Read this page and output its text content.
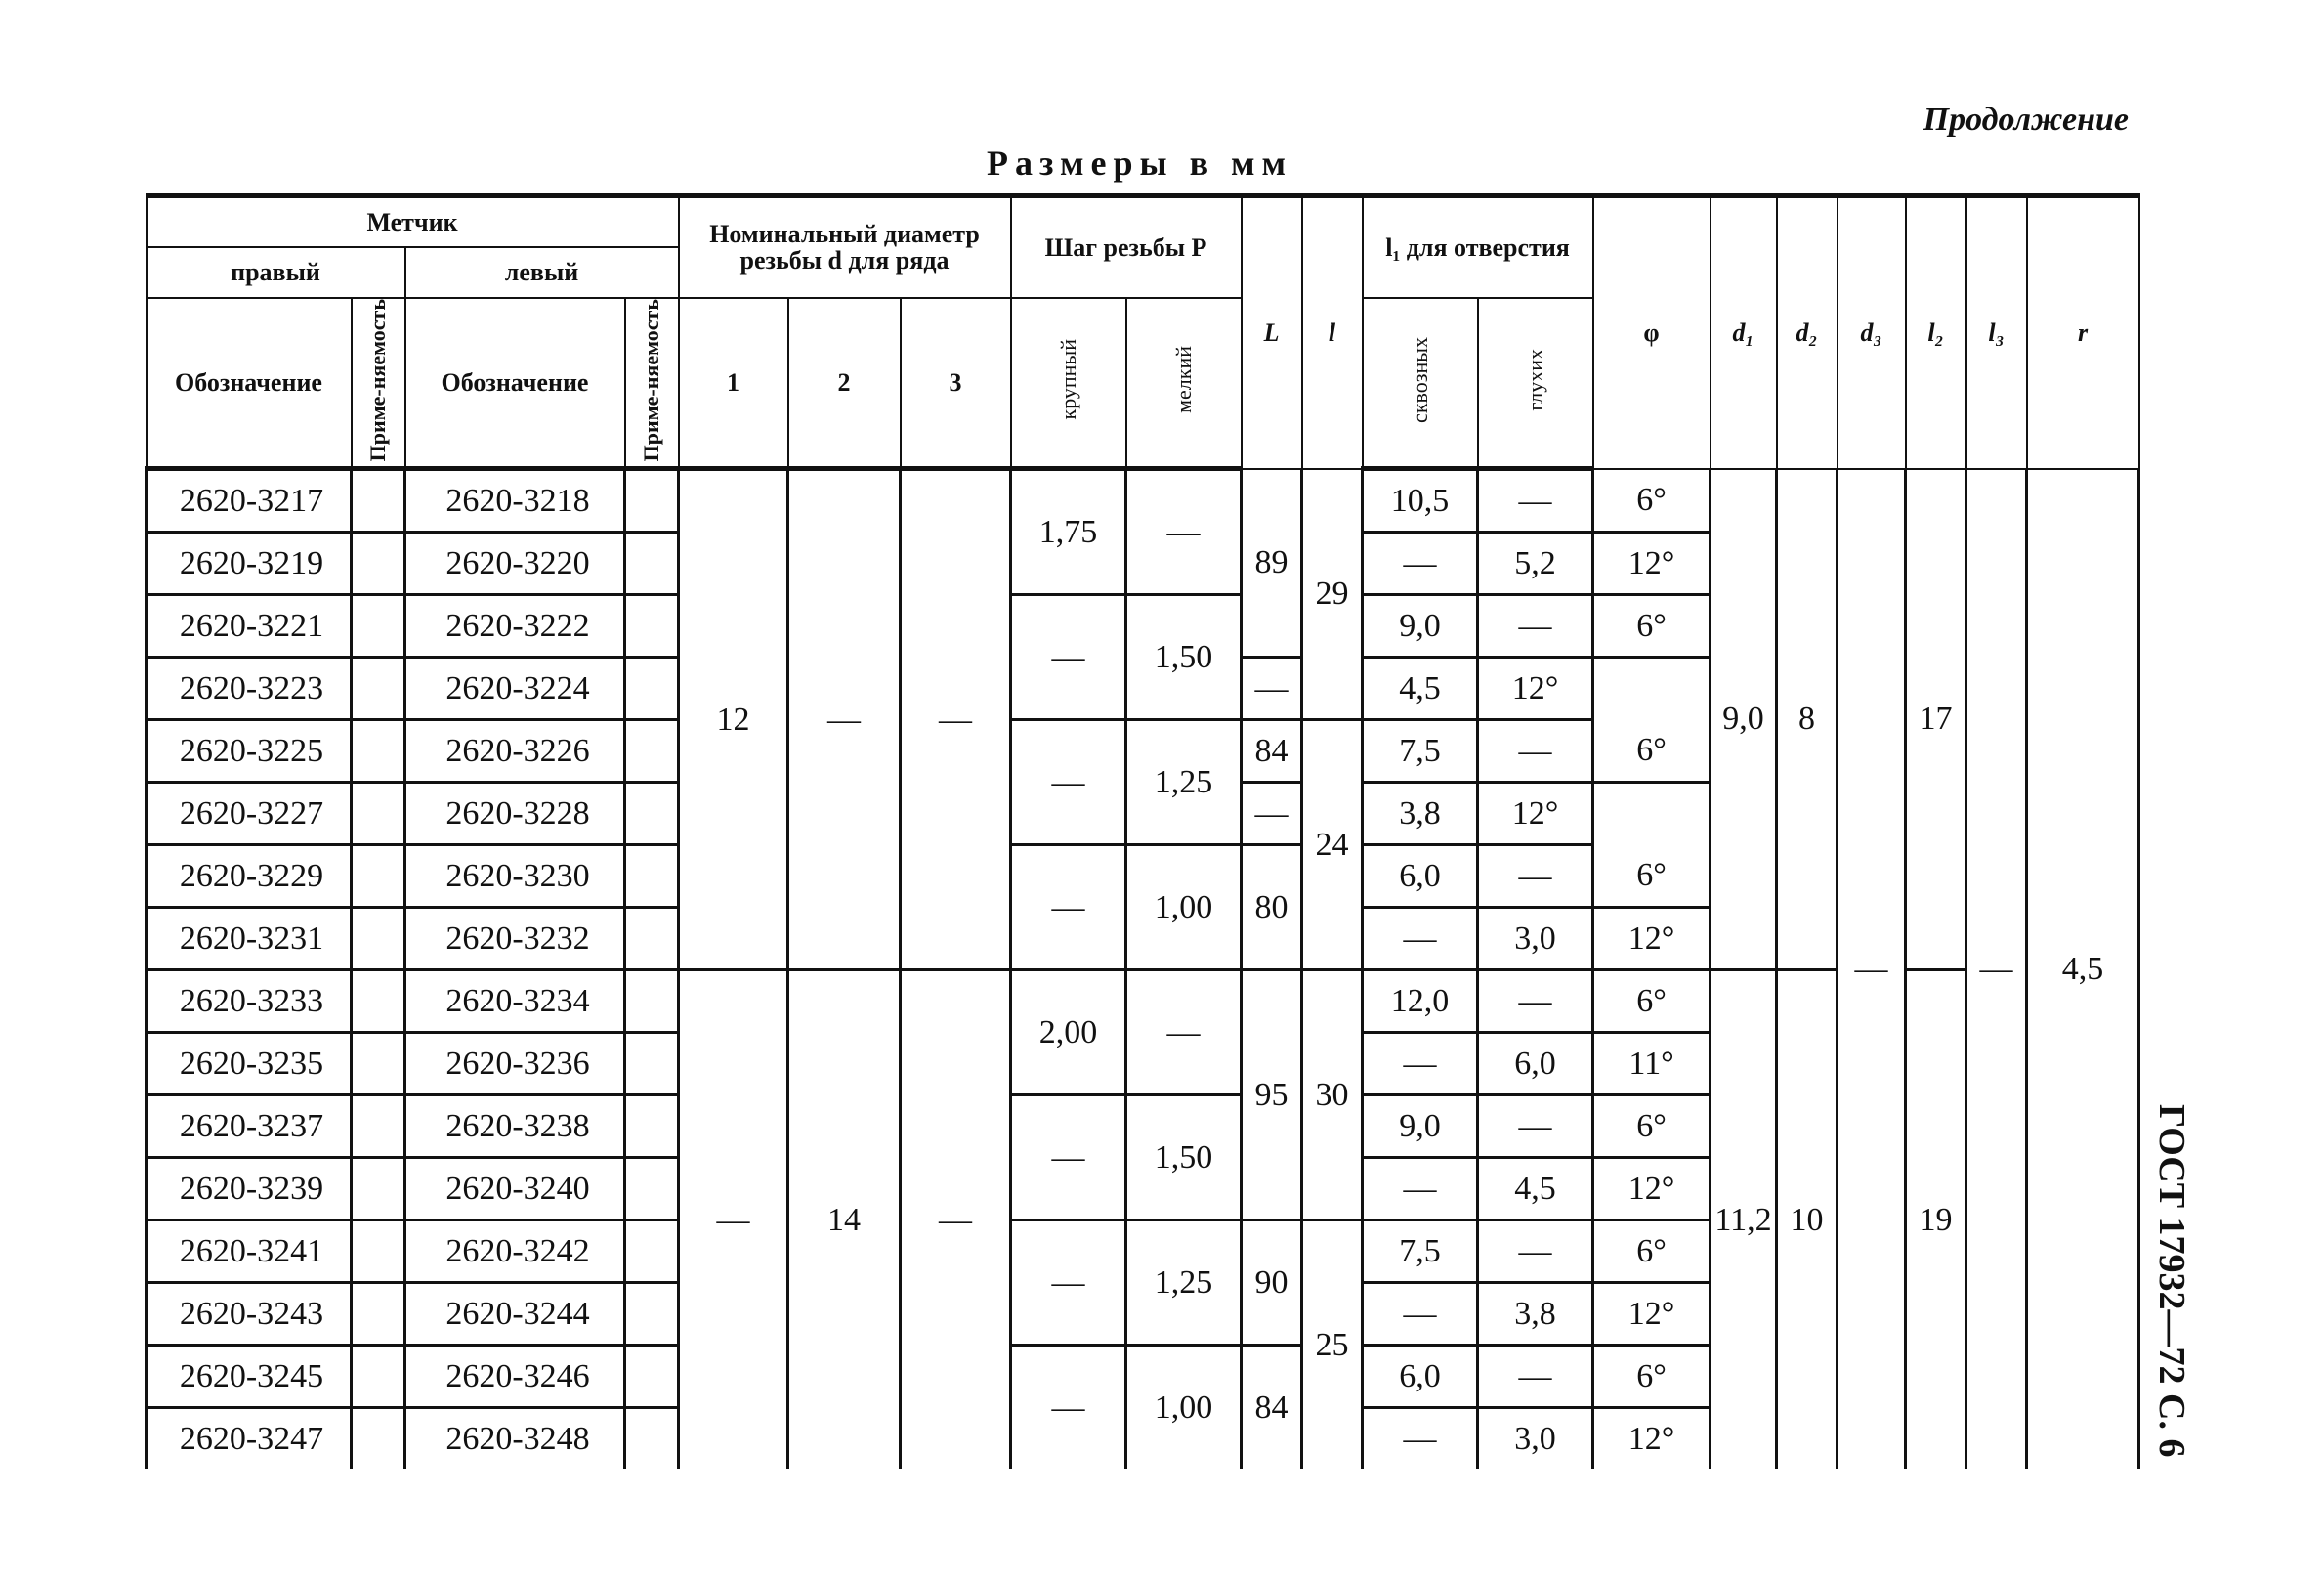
Продолжение
Размеры в мм
ГОСТ 17932—72 С. 6
Метчик				Номинальный диаметр резьбы d для ряда			Шаг резьбы P		L	l	l₁ для отверстия		φ	d₁	d₂	d₃	l₂	l₃	r
правый		левый																	
Обозначение	Приме-няемость	Обозначение	Приме-няемость	1	2	3	крупный	мелкий			сквозных	глухих							
2620-3217		2620-3218		12	—	—	1,75	—	89	29	10,5	—	6°	9,0	8	—	17	—	4,5
2620-3219		2620-3220									—	5,2	12°						
2620-3221		2620-3222					—	1,50			9,0	—	6°						
2620-3223		2620-3224							—		4,5	12°							
2620-3225		2620-3226					—	1,25	84	24	7,5	—	6°						
2620-3227		2620-3228							—		3,8	12°							
2620-3229		2620-3230					—	1,00	80		6,0	—	6°						
2620-3231		2620-3232									—	3,0	12°						
2620-3233		2620-3234		—	14	—	2,00	—	95	30	12,0	—	6°	11,2	10		19		
2620-3235		2620-3236									—	6,0	11°						
2620-3237		2620-3238					—	1,50			9,0	—	6°						
2620-3239		2620-3240									—	4,5	12°						
2620-3241		2620-3242					—	1,25	90	25	7,5	—	6°						
2620-3243		2620-3244									—	3,8	12°						
2620-3245		2620-3246					—	1,00	84		6,0	—	6°						
2620-3247		2620-3248									—	3,0	12°						
